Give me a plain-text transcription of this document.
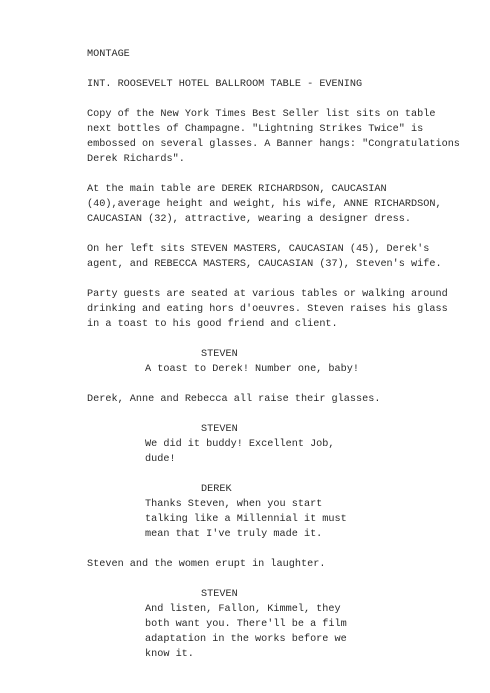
MONTAGE
INT. ROOSEVELT HOTEL BALLROOM TABLE - EVENING
Copy of the New York Times Best Seller list sits on table
next bottles of Champagne. "Lightning Strikes Twice" is
embossed on several glasses. A Banner hangs: "Congratulations
Derek Richards".
At the main table are DEREK RICHARDSON, CAUCASIAN
(40),average height and weight, his wife, ANNE RICHARDSON,
CAUCASIAN (32), attractive, wearing a designer dress.
On her left sits STEVEN MASTERS, CAUCASIAN (45), Derek's
agent, and REBECCA MASTERS, CAUCASIAN (37), Steven's wife.
Party guests are seated at various tables or walking around
drinking and eating hors d'oeuvres. Steven raises his glass
in a toast to his good friend and client.
STEVEN
A toast to Derek! Number one, baby!
Derek, Anne and Rebecca all raise their glasses.
STEVEN
We did it buddy! Excellent Job,
dude!
DEREK
Thanks Steven, when you start
talking like a Millennial it must
mean that I've truly made it.
Steven and the women erupt in laughter.
STEVEN
And listen, Fallon, Kimmel, they
both want you. There'll be a film
adaptation in the works before we
know it.
